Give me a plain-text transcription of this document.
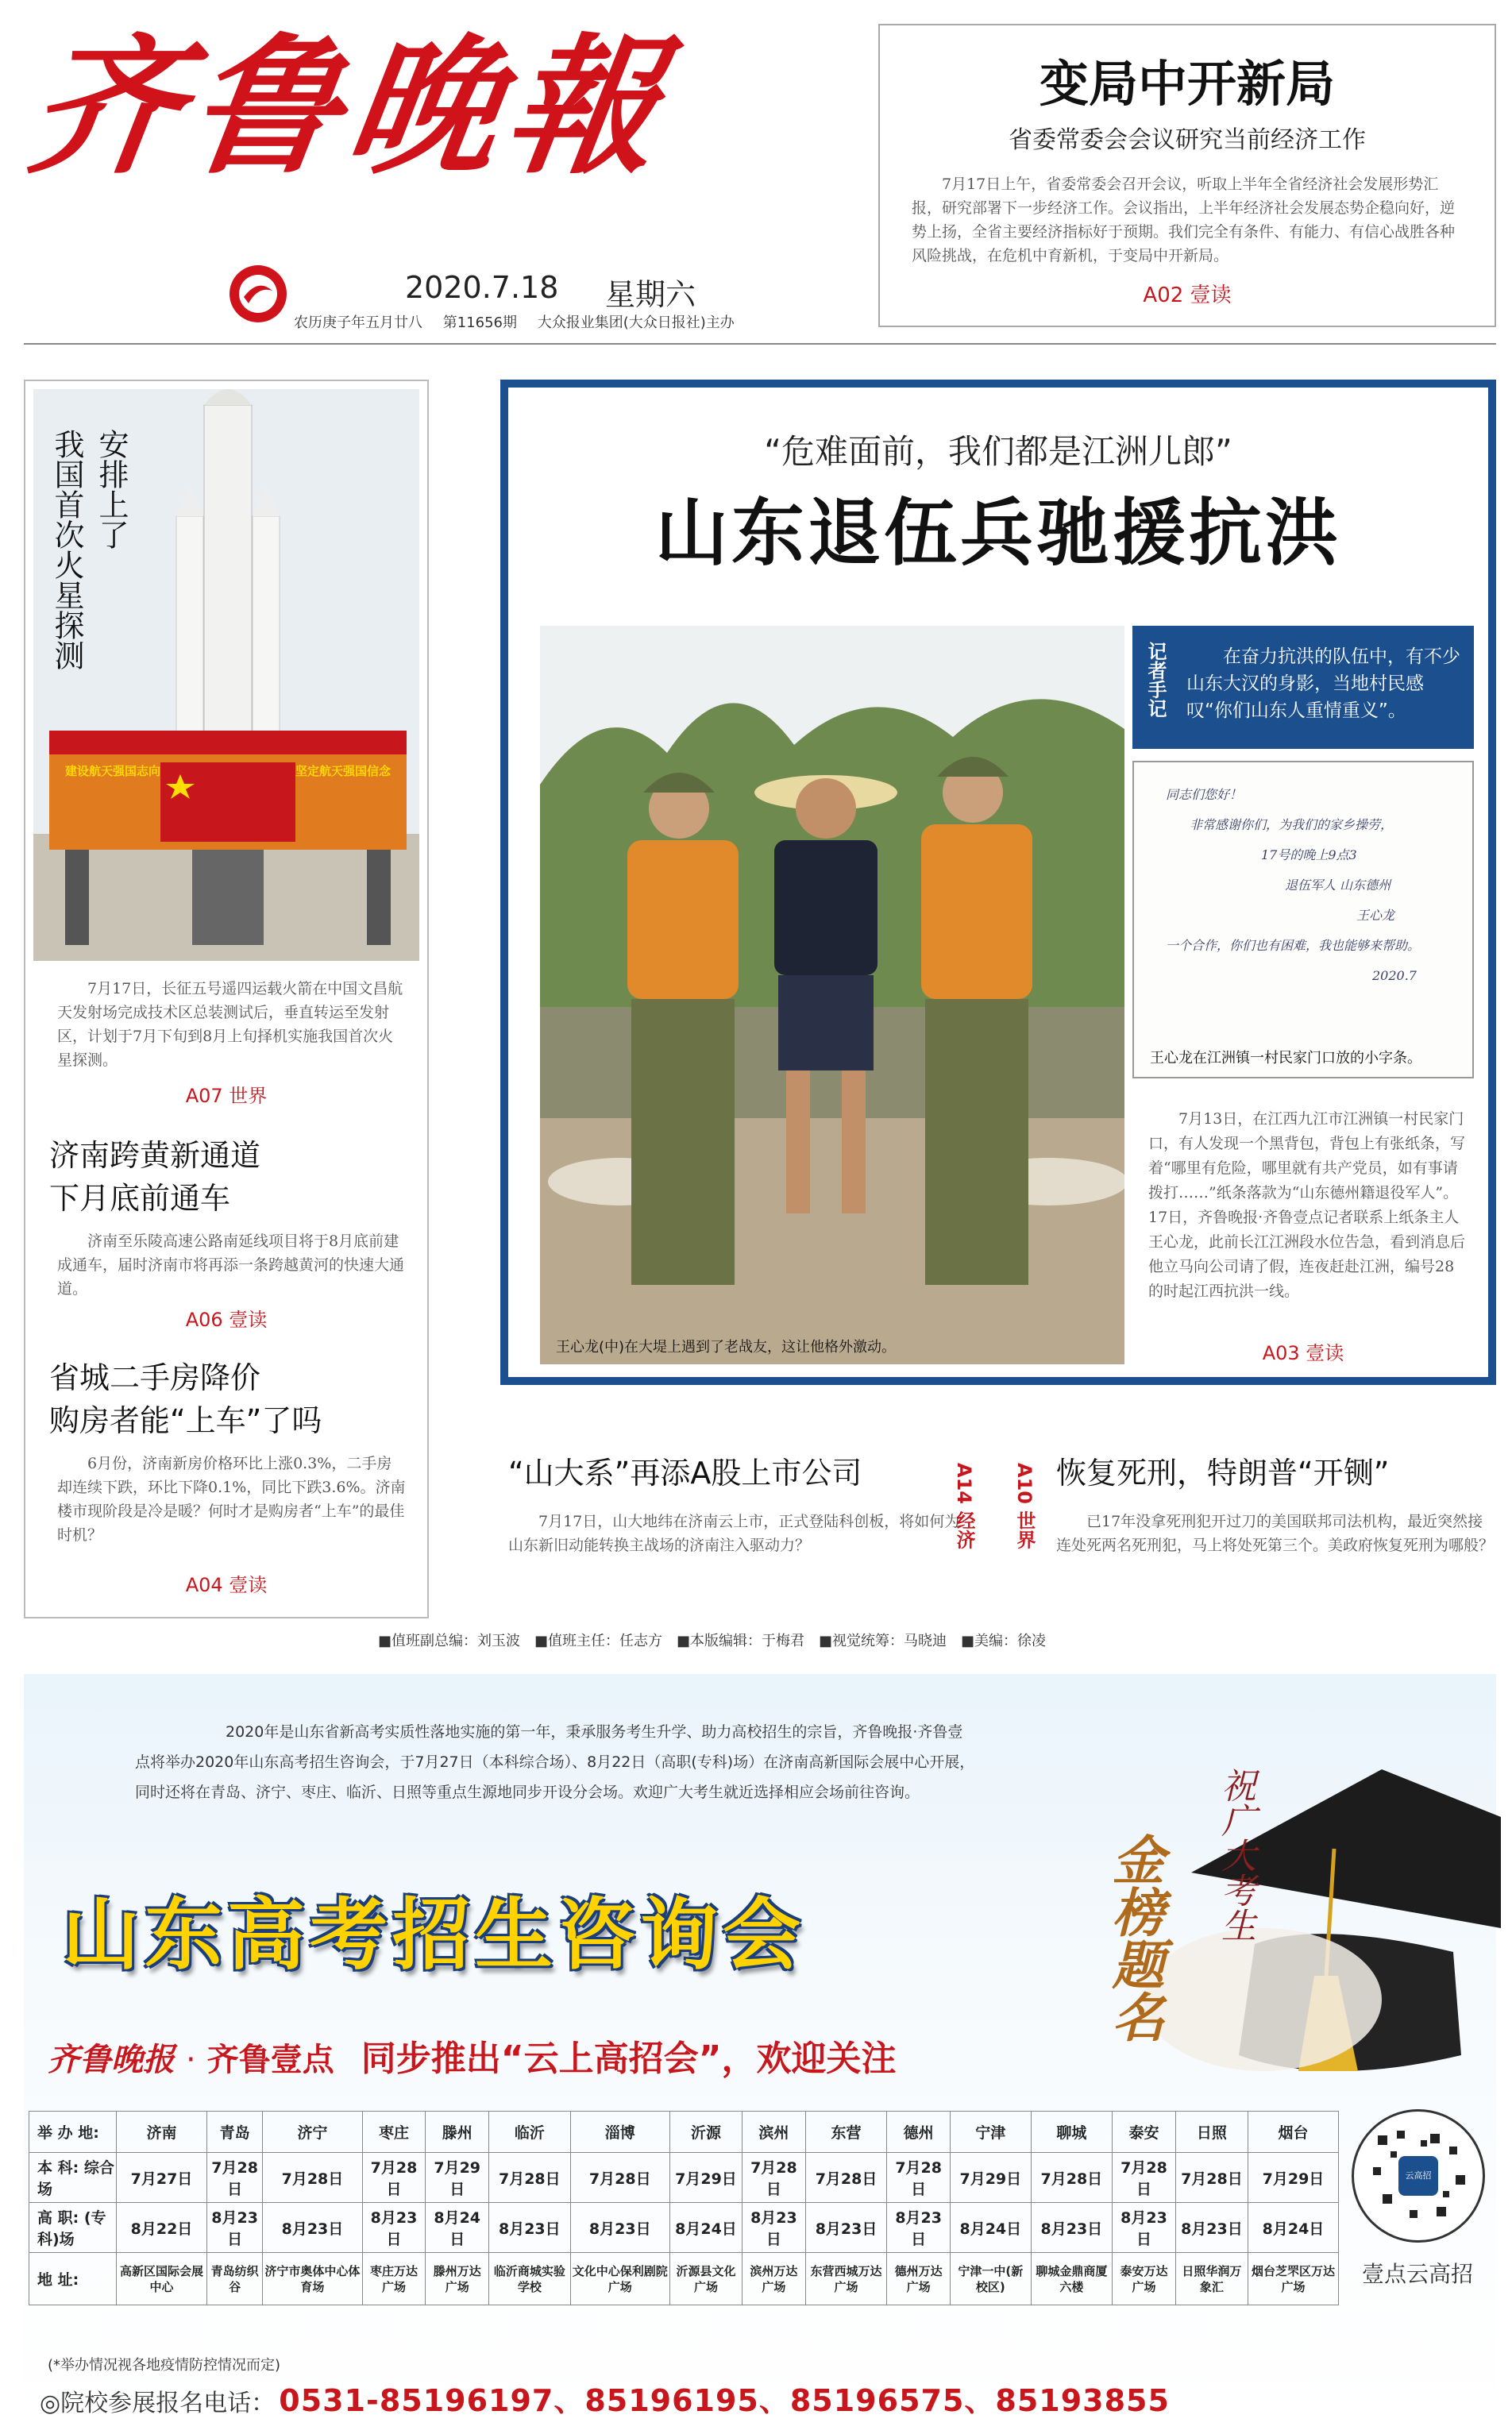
齐鲁晚報
2020.7.18 星期六
农历庚子年五月廿八 第11656期 大众报业集团(大众日报社)主办
变局中开新局
省委常委会会议研究当前经济工作
7月17日上午，省委常委会召开会议，听取上半年全省经济社会发展形势汇报，研究部署下一步经济工作。会议指出，上半年经济社会发展态势企稳向好，逆势上扬，全省主要经济指标好于预期。我们完全有条件、有能力、有信心战胜各种风险挑战，在危机中育新机，于变局中开新局。
A02 壹读
建设航天强国志向	坚定航天强国信念
安排上了
我国首次火星探测
7月17日，长征五号遥四运载火箭在中国文昌航天发射场完成技术区总装测试后，垂直转运至发射区，计划于7月下旬到8月上旬择机实施我国首次火星探测。
A07 世界
济南跨黄新通道
下月底前通车
济南至乐陵高速公路南延线项目将于8月底前建成通车，届时济南市将再添一条跨越黄河的快速大通道。
A06 壹读
省城二手房降价
购房者能“上车”了吗
6月份，济南新房价格环比上涨0.3%，二手房却连续下跌，环比下降0.1%，同比下跌3.6%。济南楼市现阶段是冷是暖？何时才是购房者“上车”的最佳时机？
A04 壹读
“危难面前，我们都是江洲儿郎”
山东退伍兵驰援抗洪
王心龙(中)在大堤上遇到了老战友，这让他格外激动。
记者手记	在奋力抗洪的队伍中，有不少山东大汉的身影，当地村民感叹“你们山东人重情重义”。
同志们您好！
非常感谢你们，为我们的家乡操劳，
17号的晚上9点3
退伍军人 山东德州
王心龙
一个合作，你们也有困难，我也能够来帮助。
2020.7
王心龙在江洲镇一村民家门口放的小字条。
7月13日，在江西九江市江洲镇一村民家门口，有人发现一个黑背包，背包上有张纸条，写着“哪里有危险，哪里就有共产党员，如有事请拨打……”纸条落款为“山东德州籍退役军人”。17日，齐鲁晚报·齐鲁壹点记者联系上纸条主人王心龙，此前长江江洲段水位告急，看到消息后他立马向公司请了假，连夜赶赴江洲，编号28的时起江西抗洪一线。
A03 壹读
“山大系”再添A股上市公司
7月17日，山大地纬在济南云上市，正式登陆科创板，将如何为山东新旧动能转换主战场的济南注入驱动力？	A14 经济 A10 世界 恢复死刑，特朗普“开铡”
已17年没拿死刑犯开过刀的美国联邦司法机构，最近突然接连处死两名死刑犯，马上将处死第三个。美政府恢复死刑为哪般？
■值班副总编：刘玉波　■值班主任：任志方　■本版编辑：于梅君　■视觉统筹：马晓迪　■美编：徐凌
2020年是山东省新高考实质性落地实施的第一年，秉承服务考生升学、助力高校招生的宗旨，齐鲁晚报·齐鲁壹点将举办2020年山东高考招生咨询会，于7月27日（本科综合场）、8月22日（高职(专科)场）在济南高新国际会展中心开展，同时还将在青岛、济宁、枣庄、临沂、日照等重点生源地同步开设分会场。欢迎广大考生就近选择相应会场前往咨询。	祝广大考生
金榜题名
山东高考招生咨询会
齐鲁晚报 · 齐鲁壹点 同步推出“云上高招会”，欢迎关注
举 办 地:	济南	青岛	济宁	枣庄	滕州	临沂	淄博	沂源	滨州	东营	德州	宁津	聊城	泰安	日照	烟台
本 科: 综合场	7月27日	7月28日	7月28日	7月28日	7月29日	7月28日	7月28日	7月29日	7月28日	7月28日	7月28日	7月29日	7月28日	7月28日	7月28日	7月29日
高 职: (专科)场	8月22日	8月23日	8月23日	8月23日	8月24日	8月23日	8月23日	8月24日	8月23日	8月23日	8月23日	8月24日	8月23日	8月23日	8月23日	8月24日
地 址:	高新区国际会展中心	青岛纺织谷	济宁市奥体中心体育场	枣庄万达广场	滕州万达广场	临沂商城实验学校	文化中心保利剧院广场	沂源县文化广场	滨州万达广场	东营西城万达广场	德州万达广场	宁津一中(新校区)	聊城金鼎商厦六楼	泰安万达广场	日照华润万象汇	烟台芝罘区万达广场
云高招
壹点云高招
(*举办情况视各地疫情防控情况而定)
◎院校参展报名电话： 0531-85196197、85196195、85196575、85193855
